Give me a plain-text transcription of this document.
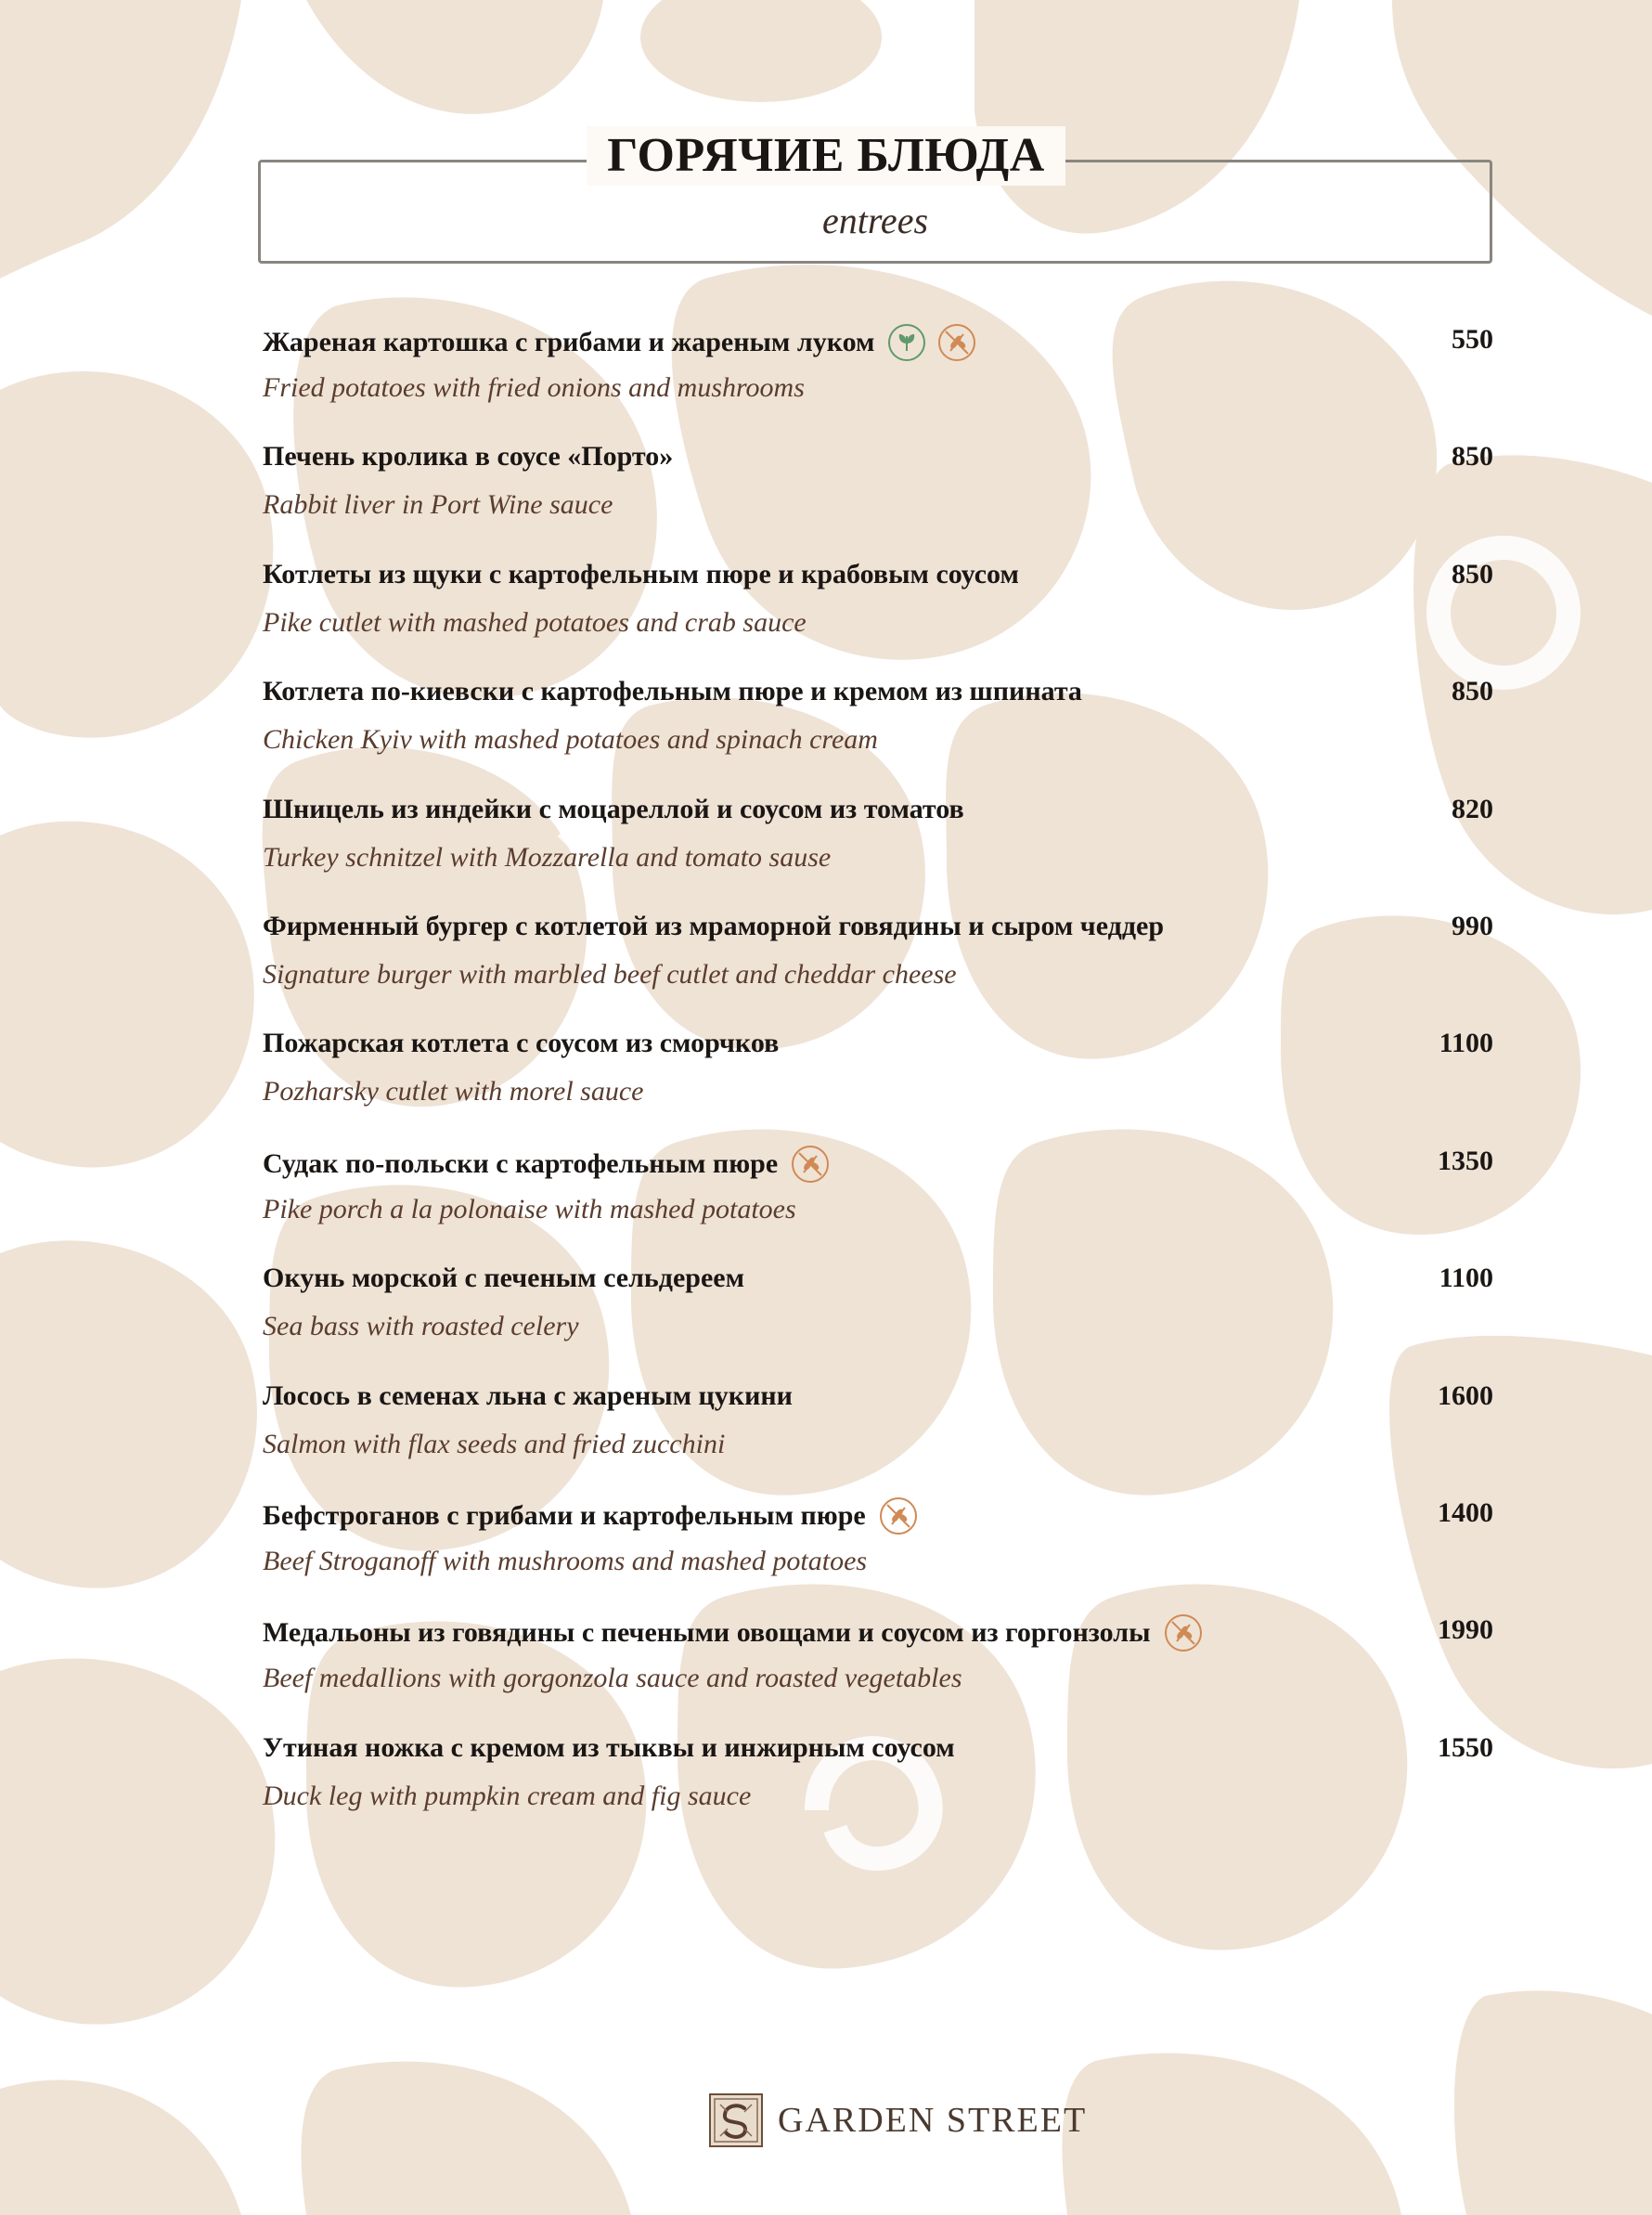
ГОРЯЧИЕ БЛЮДА
entrees
Жареная картошка с грибами и жареным луком
Fried potatoes with fried onions and mushrooms
550
Печень кролика в соусе «Порто»
Rabbit liver in Port Wine sauce
850
Котлеты из щуки с картофельным пюре и крабовым соусом
Pike cutlet with mashed potatoes and crab sauce
850
Котлета по-киевски с картофельным пюре и кремом из шпината
Chicken Kyiv with mashed potatoes and spinach cream
850
Шницель из индейки с моцареллой и соусом из томатов
Turkey schnitzel with Mozzarella and tomato sause
820
Фирменный бургер с котлетой из мраморной говядины и сыром чеддер
Signature burger with marbled beef cutlet and cheddar cheese
990
Пожарская котлета с соусом из сморчков
Pozharsky cutlet with morel sauce
1100
Судак по-польски с картофельным пюре
Pike porch a la polonaise with mashed potatoes
1350
Окунь морской с печеным сельдереем
Sea bass with roasted celery
1100
Лосось в семенах льна с жареным цукини
Salmon with flax seeds and fried zucchini
1600
Бефстроганов с грибами и картофельным пюре
Beef Stroganoff with mushrooms and mashed potatoes
1400
Медальоны из говядины с печеными овощами и соусом из горгонзолы
Beef medallions with gorgonzola sauce and roasted vegetables
1990
Утиная ножка с кремом из тыквы и инжирным соусом
Duck leg with pumpkin cream and fig sauce
1550
GARDEN STREET
